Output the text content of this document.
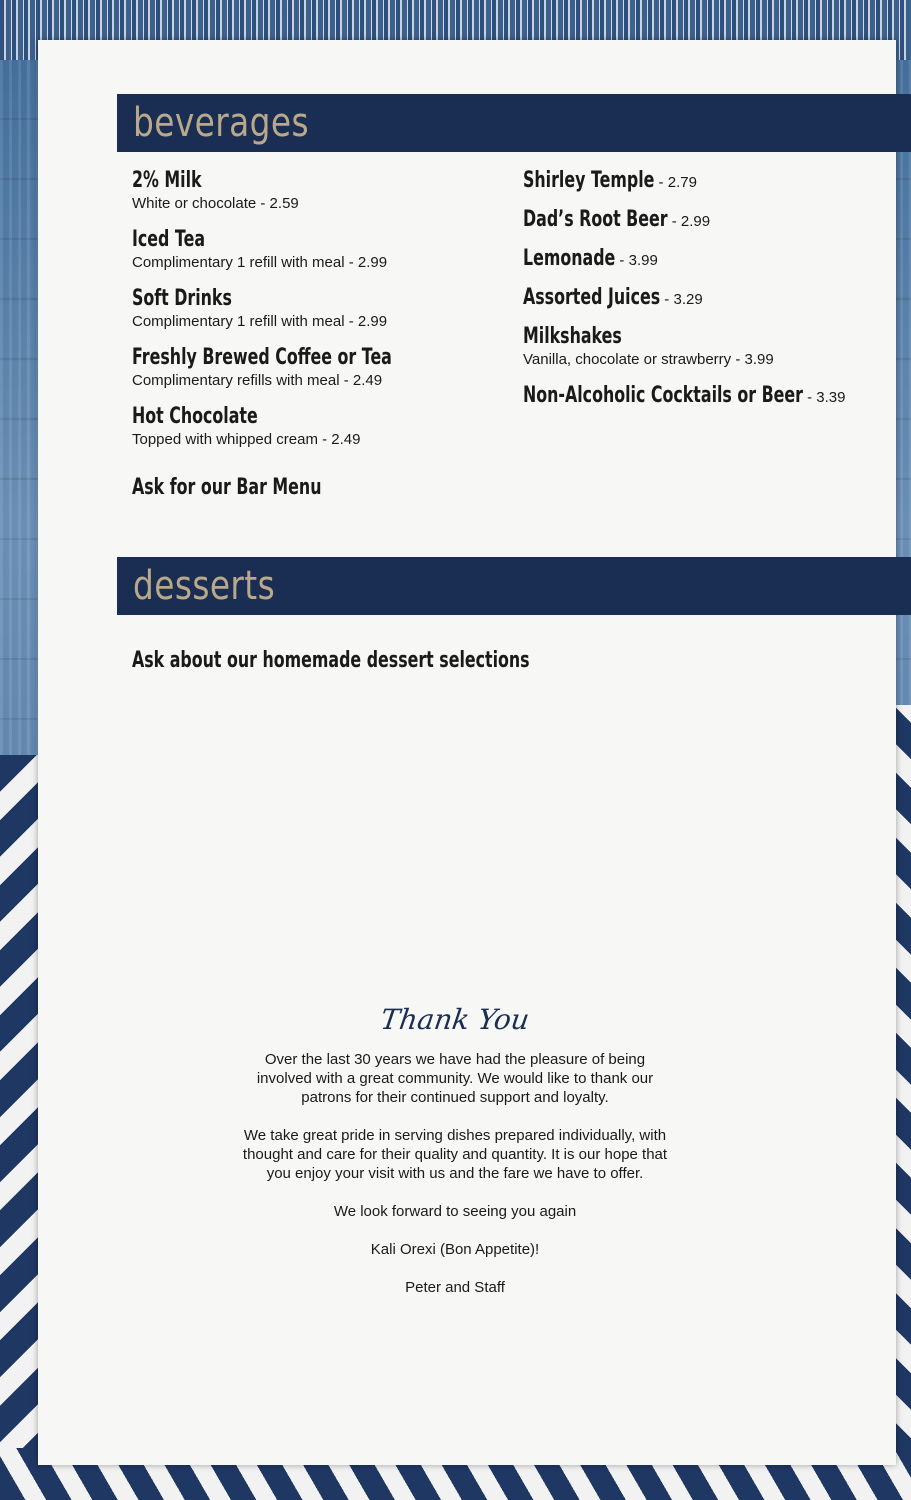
beverages
2% Milk
White or chocolate - 2.59
Iced Tea
Complimentary 1 refill with meal - 2.99
Soft Drinks
Complimentary 1 refill with meal - 2.99
Freshly Brewed Coffee or Tea
Complimentary refills with meal - 2.49
Hot Chocolate
Topped with whipped cream - 2.49
Shirley Temple - 2.79
Dad’s Root Beer - 2.99
Lemonade - 3.99
Assorted Juices - 3.29
Milkshakes
Vanilla, chocolate or strawberry - 3.99
Non-Alcoholic Cocktails or Beer - 3.39
Ask for our Bar Menu
desserts
Ask about our homemade dessert selections
Thank You

Over the last 30 years we have had the pleasure of being
involved with a great community. We would like to thank our
patrons for their continued support and loyalty.

We take great pride in serving dishes prepared individually, with
thought and care for their quality and quantity. It is our hope that
you enjoy your visit with us and the fare we have to offer.

We look forward to seeing you again

Kali Orexi (Bon Appetite)!

Peter and Staff
